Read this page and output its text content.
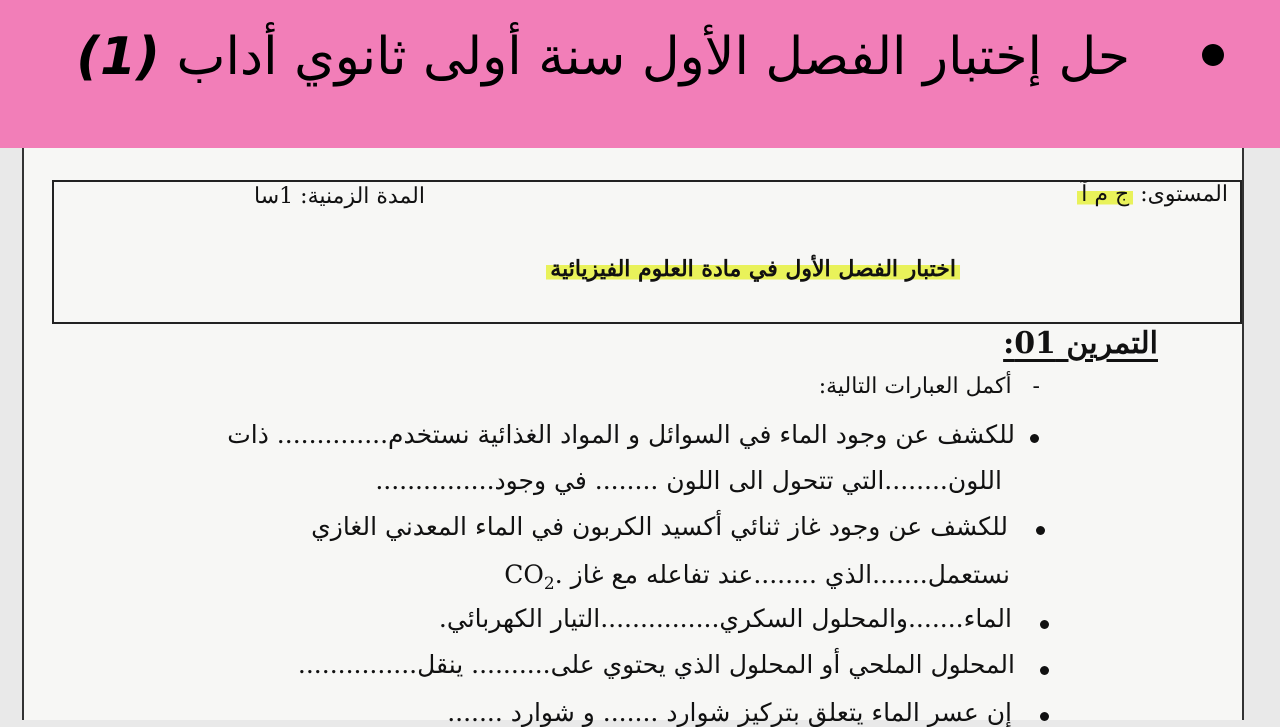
حل إختبار الفصل الأول سنة أولى ثانوي أداب (1)
المستوى: ج م آ
المدة الزمنية: 1سا
اختبار الفصل الأول في مادة العلوم الفيزيائية
التمرين 01:
-   أكمل العبارات التالية:
للكشف عن وجود الماء في السوائل و المواد الغذائية نستخدم.............. ذات
اللون........التي تتحول الى اللون ........ في وجود...............
للكشف عن وجود غاز ثنائي أكسيد الكربون في الماء المعدني الغازي
نستعمل.......الذي ........عند تفاعله مع غاز $CO_2$.
الماء.......والمحلول السكري...............التيار الكهربائي.
المحلول الملحي أو المحلول الذي يحتوي على.......... ينقل...............
إن عسر الماء يتعلق بتركيز شوارد ....... و شوارد .......
